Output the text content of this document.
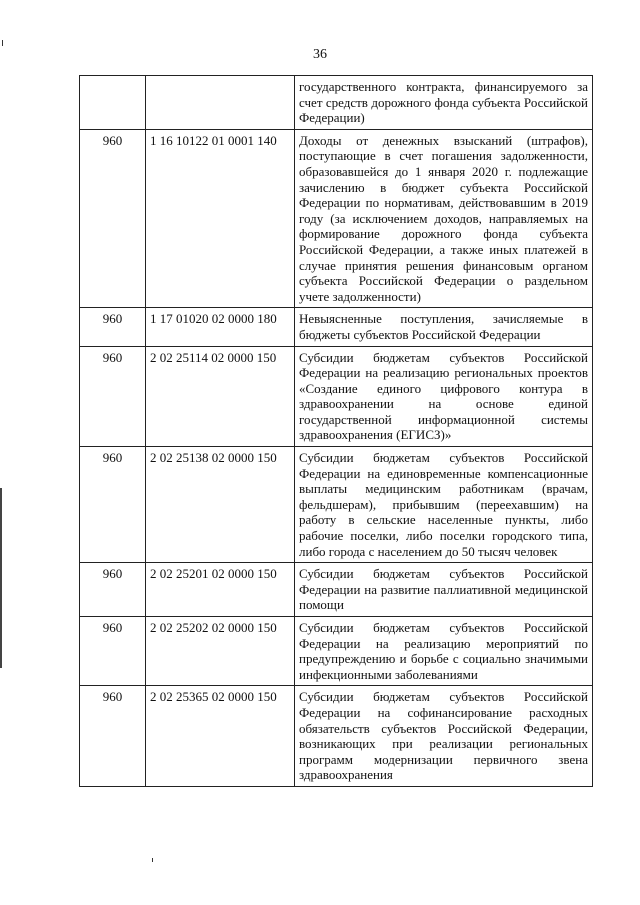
36
		государственного контракта, финансируемого за счет средств дорожного фонда субъекта Российской Федерации)
960	1 16 10122 01 0001 140	Доходы от денежных взысканий (штрафов), поступающие в счет погашения задолженности, образовавшейся до 1 января 2020 г. подлежащие зачислению в бюджет субъекта Российской Федерации по нормативам, действовавшим в 2019 году (за исключением доходов, направляемых на формирование дорожного фонда субъекта Российской Федерации, а также иных платежей в случае принятия решения финансовым органом субъекта Российской Федерации о раздельном учете задолженности)
960	1 17 01020 02 0000 180	Невыясненные поступления, зачисляемые в бюджеты субъектов Российской Федерации
960	2 02 25114 02 0000 150	Субсидии бюджетам субъектов Российской Федерации на реализацию региональных проектов «Создание единого цифрового контура в здравоохранении на основе единой государственной информационной системы здравоохранения (ЕГИСЗ)»
960	2 02 25138 02 0000 150	Субсидии бюджетам субъектов Российской Федерации на единовременные компенсационные выплаты медицинским работникам (врачам, фельдшерам), прибывшим (переехавшим) на работу в сельские населенные пункты, либо рабочие поселки, либо поселки городского типа, либо города с населением до 50 тысяч человек
960	2 02 25201 02 0000 150	Субсидии бюджетам субъектов Российской Федерации на развитие паллиативной медицинской помощи
960	2 02 25202 02 0000 150	Субсидии бюджетам субъектов Российской Федерации на реализацию мероприятий по предупреждению и борьбе с социально значимыми инфекционными заболеваниями
960	2 02 25365 02 0000 150	Субсидии бюджетам субъектов Российской Федерации на софинансирование расходных обязательств субъектов Российской Федерации, возникающих при реализации региональных программ модернизации первичного звена здравоохранения
